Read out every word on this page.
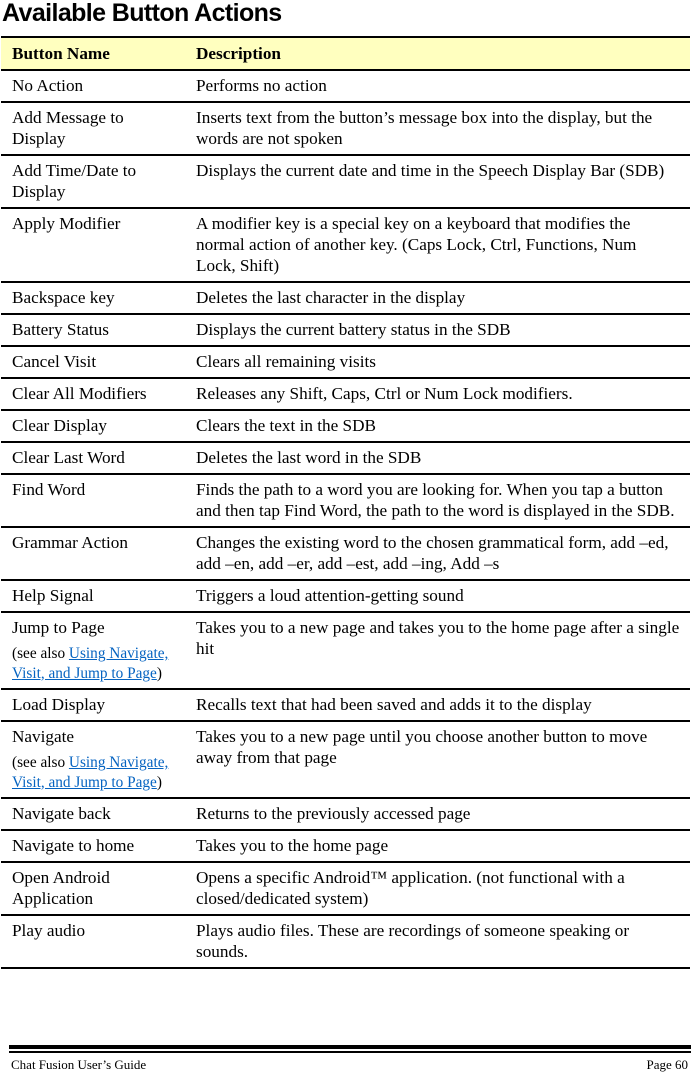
Available Button Actions
Button Name	Description

No Action	Performs no action

Add Message to Display	Inserts text from the button’s message box into the display, but the words are not spoken

Add Time/Date to Display	Displays the current date and time in the Speech Display Bar (SDB)

Apply Modifier	A modifier key is a special key on a keyboard that modifies the normal action of another key. (Caps Lock, Ctrl, Functions, Num Lock, Shift)

Backspace key	Deletes the last character in the display

Battery Status	Displays the current battery status in the SDB

Cancel Visit	Clears all remaining visits

Clear All Modifiers	Releases any Shift, Caps, Ctrl or Num Lock modifiers.

Clear Display	Clears the text in the SDB

Clear Last Word	Deletes the last word in the SDB

Find Word	Finds the path to a word you are looking for. When you tap a button and then tap Find Word, the path to the word is displayed in the SDB.

Grammar Action	Changes the existing word to the chosen grammatical form, add –ed, add –en, add –er, add –est, add –ing, Add –s

Help Signal	Triggers a loud attention-getting sound

Jump to Page
(see also Using Navigate, Visit, and Jump to Page)	Takes you to a new page and takes you to the home page after a single hit

Load Display	Recalls text that had been saved and adds it to the display

Navigate
(see also Using Navigate, Visit, and Jump to Page)	Takes you to a new page until you choose another button to move away from that page

Navigate back	Returns to the previously accessed page

Navigate to home	Takes you to the home page

Open Android Application	Opens a specific Android™ application. (not functional with a closed/dedicated system)

Play audio	Plays audio files. These are recordings of someone speaking or sounds.
Chat Fusion User’s Guide	Page 60
